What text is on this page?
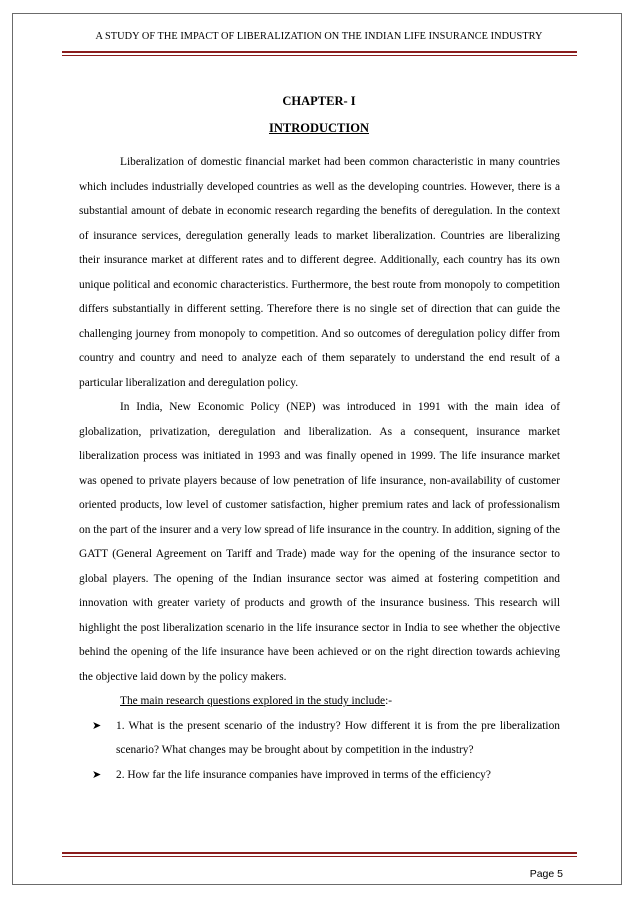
A STUDY OF THE IMPACT OF LIBERALIZATION ON THE INDIAN LIFE INSURANCE INDUSTRY
CHAPTER- I
INTRODUCTION

Liberalization of domestic financial market had been common characteristic in many countries which includes industrially developed countries as well as the developing countries. However, there is a substantial amount of debate in economic research regarding the benefits of deregulation. In the context of insurance services, deregulation generally leads to market liberalization. Countries are liberalizing their insurance market at different rates and to different degree. Additionally, each country has its own unique political and economic characteristics. Furthermore, the best route from monopoly to competition differs substantially in different setting. Therefore there is no single set of direction that can guide the challenging journey from monopoly to competition. And so outcomes of deregulation policy differ from country and country and need to analyze each of them separately to understand the end result of a particular liberalization and deregulation policy.

In India, New Economic Policy (NEP) was introduced in 1991 with the main idea of globalization, privatization, deregulation and liberalization. As a consequent, insurance market liberalization process was initiated in 1993 and was finally opened in 1999. The life insurance market was opened to private players because of low penetration of life insurance, non-availability of customer oriented products, low level of customer satisfaction, higher premium rates and lack of professionalism on the part of the insurer and a very low spread of life insurance in the country. In addition, signing of the GATT (General Agreement on Tariff and Trade) made way for the opening of the insurance sector to global players. The opening of the Indian insurance sector was aimed at fostering competition and innovation with greater variety of products and growth of the insurance business. This research will highlight the post liberalization scenario in the life insurance sector in India to see whether the objective behind the opening of the life insurance have been achieved or on the right direction towards achieving the objective laid down by the policy makers.

The main research questions explored in the study include:-
➤ 1. What is the present scenario of the industry? How different it is from the pre liberalization scenario? What changes may be brought about by competition in the industry?
➤ 2. How far the life insurance companies have improved in terms of the efficiency?
Page 5
